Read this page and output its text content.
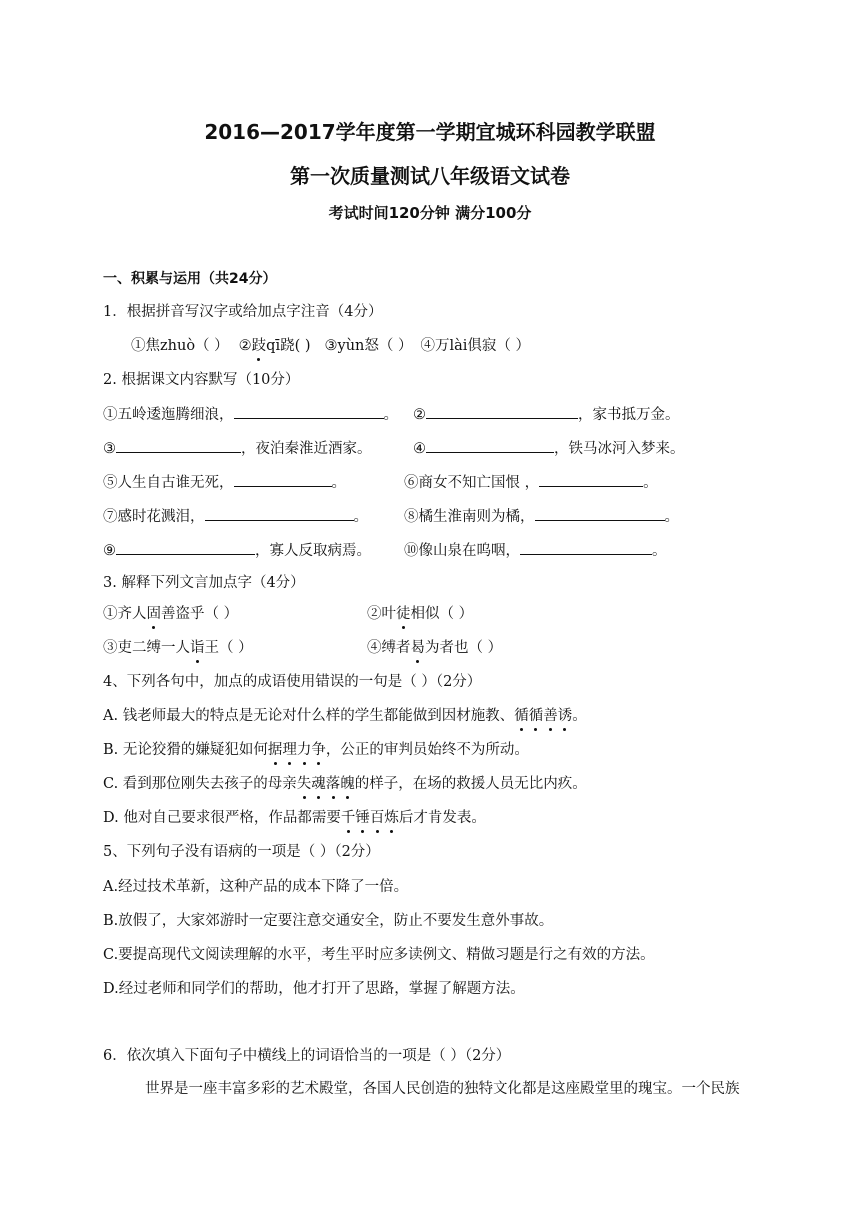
2016—2017学年度第一学期宜城环科园教学联盟
第一次质量测试八年级语文试卷
考试时间120分钟 满分100分
一、积累与运用（共24分）
1．根据拼音写汉字或给加点字注音（4分）
①焦zhuò（ ） ②跂qī跷( ) ③yùn怒（ ） ④万lài俱寂（ ）
2. 根据课文内容默写（10分）
①五岭逶迤腾细浪，	。 ②	，家书抵万金。
③	，夜泊秦淮近酒家。	④	，铁马冰河入梦来。
⑤人生自古谁无死，	。	⑥商女不知亡国恨 ，	。
⑦感时花溅泪，	。 ⑧橘生淮南则为橘，	。
⑨	，寡人反取病焉。 ⑩像山泉在呜咽，	。
3. 解释下列文言加点字（4分）
①齐人固善盗乎（ ）	②叶徒相似（ ）
③吏二缚一人诣王（ ）	④缚者曷为者也（ ）
4、下列各句中，加点的成语使用错误的一句是（ ）（2分）
A. 钱老师最大的特点是无论对什么样的学生都能做到因材施教、循循善诱。
B. 无论狡猾的嫌疑犯如何据理力争，公正的审判员始终不为所动。
C. 看到那位刚失去孩子的母亲失魂落魄的样子，在场的救援人员无比内疚。
D. 他对自己要求很严格，作品都需要千锤百炼后才肯发表。
5、下列句子没有语病的一项是（ ）（2分）
A.经过技术革新，这种产品的成本下降了一倍。
B.放假了，大家郊游时一定要注意交通安全，防止不要发生意外事故。
C.要提高现代文阅读理解的水平，考生平时应多读例文、精做习题是行之有效的方法。
D.经过老师和同学们的帮助，他才打开了思路，掌握了解题方法。
6．依次填入下面句子中横线上的词语恰当的一项是（ ）（2分）
世界是一座丰富多彩的艺术殿堂，各国人民创造的独特文化都是这座殿堂里的瑰宝。一个民族
